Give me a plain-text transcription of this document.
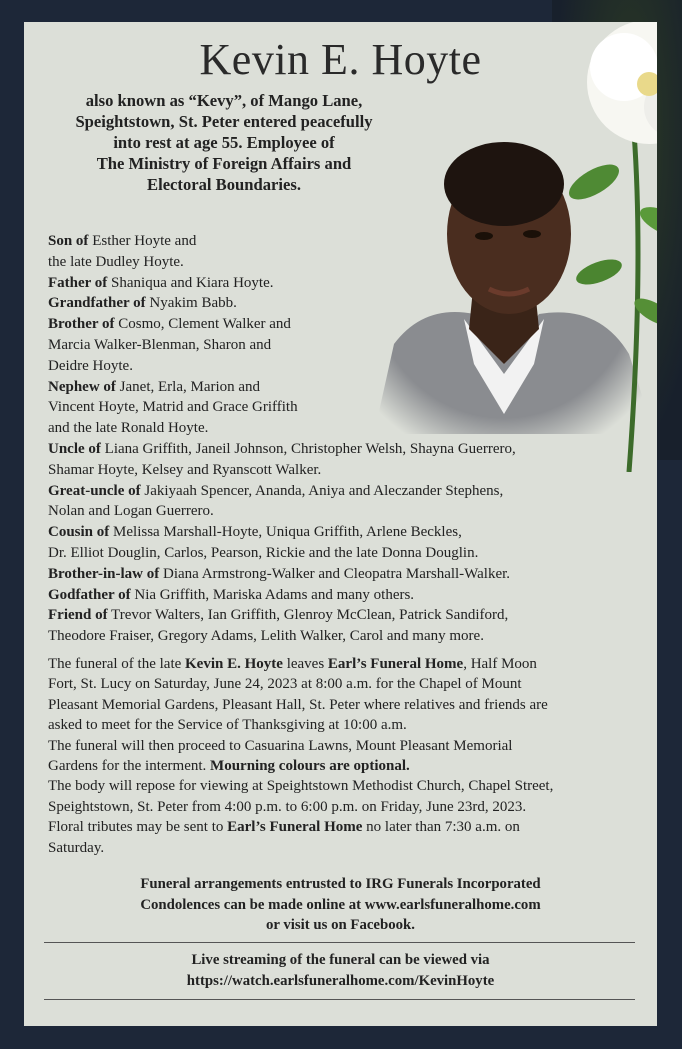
Kevin E. Hoyte
also known as “Kevy”, of Mango Lane,
Speightstown, St. Peter entered peacefully
into rest at age 55. Employee of
The Ministry of Foreign Affairs and
Electoral Boundaries.

Son of Esther Hoyte and
the late Dudley Hoyte.

Father of Shaniqua and Kiara Hoyte.

Grandfather of Nyakim Babb.

Brother of Cosmo, Clement Walker and
Marcia Walker-Blenman, Sharon and
Deidre Hoyte.

Nephew of Janet, Erla, Marion and
Vincent Hoyte, Matrid and Grace Griffith
and the late Ronald Hoyte.

Uncle of Liana Griffith, Janeil Johnson, Christopher Welsh, Shayna Guerrero,
Shamar Hoyte, Kelsey and Ryanscott Walker.

Great-uncle of Jakiyaah Spencer, Ananda, Aniya and Aleczander Stephens,
Nolan and Logan Guerrero.

Cousin of Melissa Marshall-Hoyte, Uniqua Griffith, Arlene Beckles,
Dr. Elliot Douglin, Carlos, Pearson, Rickie and the late Donna Douglin.

Brother-in-law of Diana Armstrong-Walker and Cleopatra Marshall-Walker.

Godfather of Nia Griffith, Mariska Adams and many others.

Friend of Trevor Walters, Ian Griffith, Glenroy McClean, Patrick Sandiford,
Theodore Fraiser, Gregory Adams, Lelith Walker, Carol and many more.

The funeral of the late Kevin E. Hoyte leaves Earl’s Funeral Home, Half Moon
Fort, St. Lucy on Saturday, June 24, 2023 at 8:00 a.m. for the Chapel of Mount
Pleasant Memorial Gardens, Pleasant Hall, St. Peter where relatives and friends are
asked to meet for the Service of Thanksgiving at 10:00 a.m.

The funeral will then proceed to Casuarina Lawns, Mount Pleasant Memorial
Gardens for the interment. Mourning colours are optional.

The body will repose for viewing at Speightstown Methodist Church, Chapel Street,
Speightstown, St. Peter from 4:00 p.m. to 6:00 p.m. on Friday, June 23rd, 2023.

Floral tributes may be sent to Earl’s Funeral Home no later than 7:30 a.m. on
Saturday.

Funeral arrangements entrusted to IRG Funerals Incorporated

Condolences can be made online at www.earlsfuneralhome.com

or visit us on Facebook.

Live streaming of the funeral can be viewed via

https://watch.earlsfuneralhome.com/KevinHoyte
